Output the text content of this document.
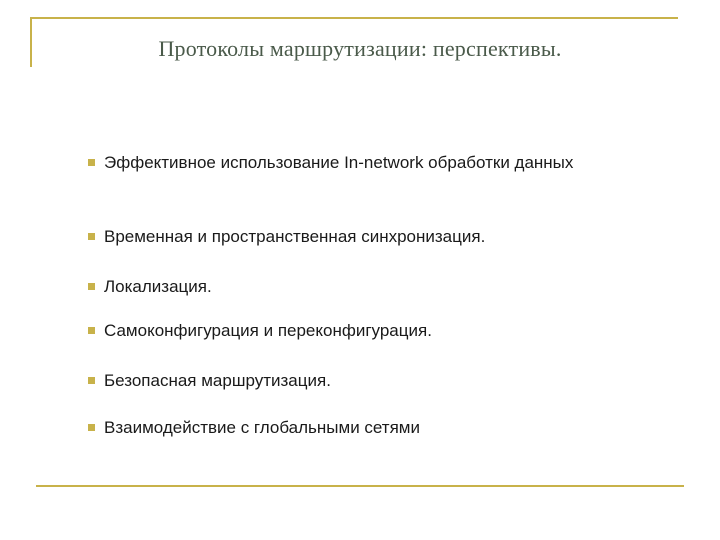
Протоколы маршрутизации: перспективы.
Эффективное использование In-network обработки данных
Временная и пространственная синхронизация.
Локализация.
Самоконфигурация и переконфигурация.
Безопасная маршрутизация.
Взаимодействие с глобальными сетями
